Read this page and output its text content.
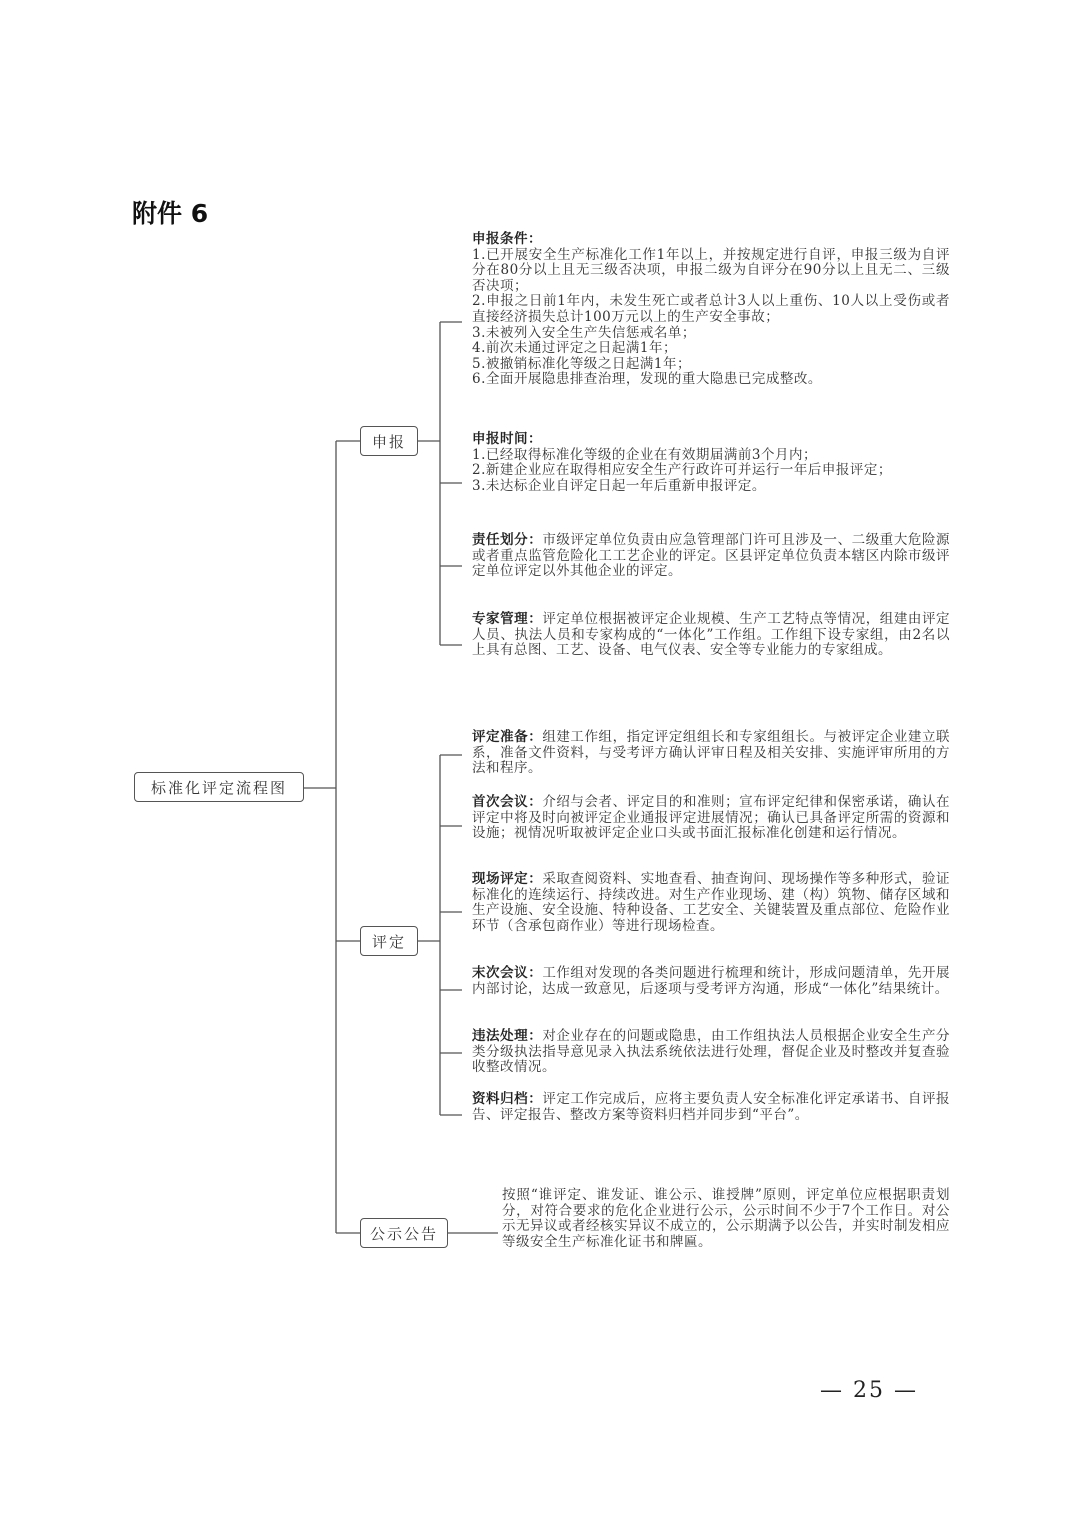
附件 6
标准化评定流程图
申报
评定
公示公告
申报条件：
1.已开展安全生产标准化工作1年以上，并按规定进行自评，申报三级为自评分在80分以上且无三级否决项，申报二级为自评分在90分以上且无二、三级否决项；
2.申报之日前1年内，未发生死亡或者总计3人以上重伤、10人以上受伤或者直接经济损失总计100万元以上的生产安全事故；
3.未被列入安全生产失信惩戒名单；
4.前次未通过评定之日起满1年；
5.被撤销标准化等级之日起满1年；
6.全面开展隐患排查治理，发现的重大隐患已完成整改。
申报时间：
1.已经取得标准化等级的企业在有效期届满前3个月内；
2.新建企业应在取得相应安全生产行政许可并运行一年后申报评定；
3.未达标企业自评定日起一年后重新申报评定。
责任划分：市级评定单位负责由应急管理部门许可且涉及一、二级重大危险源或者重点监管危险化工工艺企业的评定。区县评定单位负责本辖区内除市级评定单位评定以外其他企业的评定。
专家管理：评定单位根据被评定企业规模、生产工艺特点等情况，组建由评定人员、执法人员和专家构成的“一体化”工作组。工作组下设专家组，由2名以上具有总图、工艺、设备、电气仪表、安全等专业能力的专家组成。
评定准备：组建工作组，指定评定组组长和专家组组长。与被评定企业建立联系，准备文件资料，与受考评方确认评审日程及相关安排、实施评审所用的方法和程序。
首次会议：介绍与会者、评定目的和准则；宣布评定纪律和保密承诺，确认在评定中将及时向被评定企业通报评定进展情况；确认已具备评定所需的资源和设施；视情况听取被评定企业口头或书面汇报标准化创建和运行情况。
现场评定：采取查阅资料、实地查看、抽查询问、现场操作等多种形式，验证标准化的连续运行、持续改进。对生产作业现场、建（构）筑物、储存区域和生产设施、安全设施、特种设备、工艺安全、关键装置及重点部位、危险作业环节（含承包商作业）等进行现场检查。
末次会议：工作组对发现的各类问题进行梳理和统计，形成问题清单，先开展内部讨论，达成一致意见，后逐项与受考评方沟通，形成“一体化”结果统计。
违法处理：对企业存在的问题或隐患，由工作组执法人员根据企业安全生产分类分级执法指导意见录入执法系统依法进行处理，督促企业及时整改并复查验收整改情况。
资料归档：评定工作完成后，应将主要负责人安全标准化评定承诺书、自评报告、评定报告、整改方案等资料归档并同步到“平台”。
按照“谁评定、谁发证、谁公示、谁授牌”原则，评定单位应根据职责划分，对符合要求的危化企业进行公示，公示时间不少于7个工作日。对公示无异议或者经核实异议不成立的，公示期满予以公告，并实时制发相应等级安全生产标准化证书和牌匾。
— 25 —
